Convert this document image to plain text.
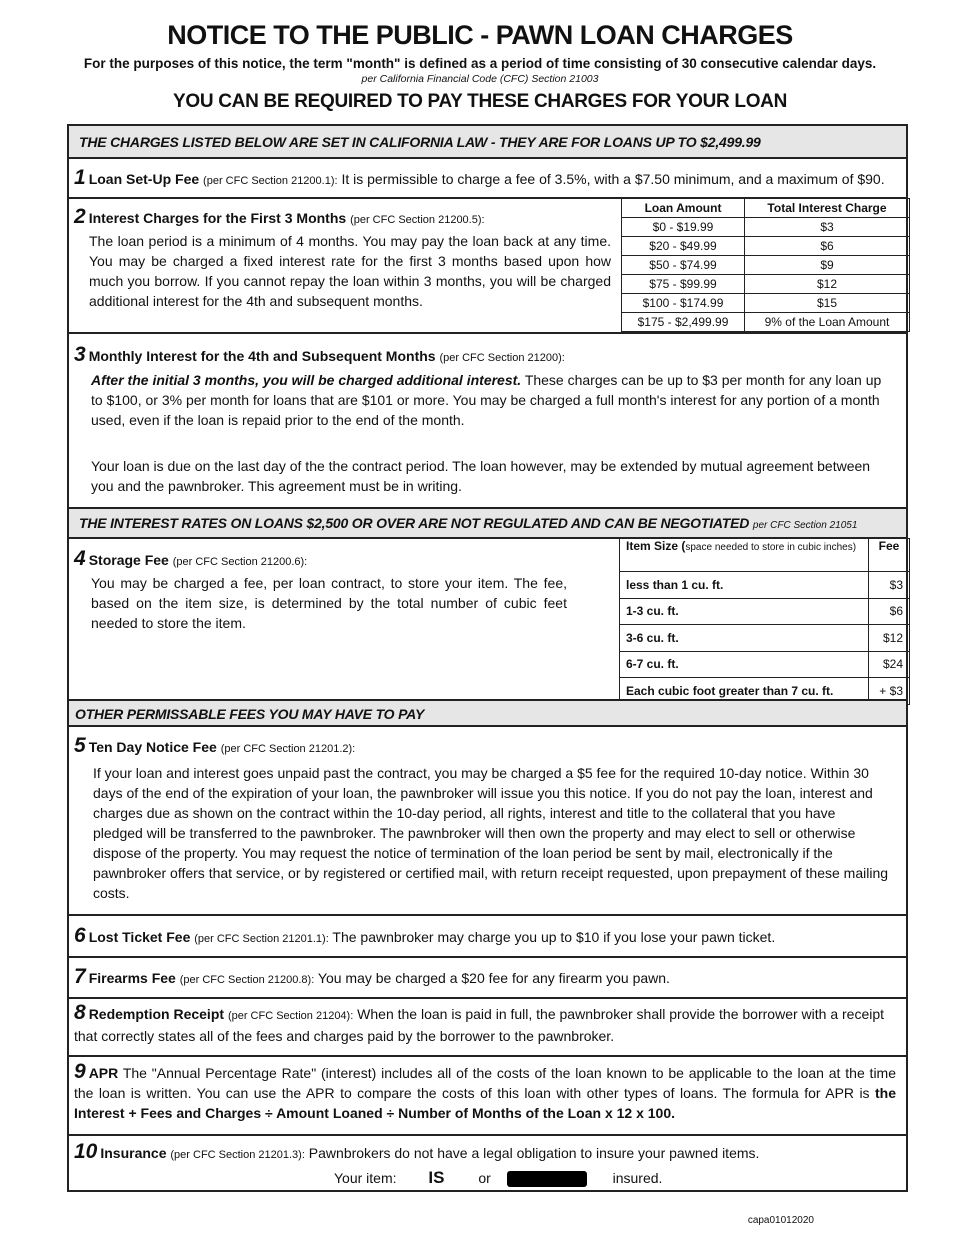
NOTICE TO THE PUBLIC - PAWN LOAN CHARGES
For the purposes of this notice, the term "month" is defined as a period of time consisting of 30 consecutive calendar days.
per California Financial Code (CFC) Section 21003
YOU CAN BE REQUIRED TO PAY THESE CHARGES FOR YOUR LOAN
THE CHARGES LISTED BELOW ARE SET IN CALIFORNIA LAW - THEY ARE FOR LOANS UP TO $2,499.99
1 Loan Set-Up Fee (per CFC Section 21200.1): It is permissible to charge a fee of 3.5%, with a $7.50 minimum, and a maximum of $90.
2 Interest Charges for the First 3 Months (per CFC Section 21200.5):
The loan period is a minimum of 4 months. You may pay the loan back at any time. You may be charged a fixed interest rate for the first 3 months based upon how much you borrow. If you cannot repay the loan within 3 months, you will be charged additional interest for the 4th and subsequent months.
Loan Amount	Total Interest Charge
$0 - $19.99	$3
$20 - $49.99	$6
$50 - $74.99	$9
$75 - $99.99	$12
$100 - $174.99	$15
$175 - $2,499.99	9% of the Loan Amount
3 Monthly Interest for the 4th and Subsequent Months (per CFC Section 21200):
After the initial 3 months, you will be charged additional interest. These charges can be up to $3 per month for any loan up to $100, or 3% per month for loans that are $101 or more. You may be charged a full month's interest for any portion of a month used, even if the loan is repaid prior to the end of the month.
Your loan is due on the last day of the the contract period. The loan however, may be extended by mutual agreement between you and the pawnbroker. This agreement must be in writing.
THE INTEREST RATES ON LOANS $2,500 OR OVER ARE NOT REGULATED AND CAN BE NEGOTIATED per CFC Section 21051
4 Storage Fee (per CFC Section 21200.6):
You may be charged a fee, per loan contract, to store your item. The fee, based on the item size, is determined by the total number of cubic feet needed to store the item.
Item Size (space needed to store in cubic inches)	Fee
less than 1 cu. ft.	$3
1-3 cu. ft.	$6
3-6 cu. ft.	$12
6-7 cu. ft.	$24
Each cubic foot greater than 7 cu. ft.	+ $3
OTHER PERMISSABLE FEES YOU MAY HAVE TO PAY
5 Ten Day Notice Fee (per CFC Section 21201.2):
If your loan and interest goes unpaid past the contract, you may be charged a $5 fee for the required 10-day notice. Within 30 days of the end of the expiration of your loan, the pawnbroker will issue you this notice. If you do not pay the loan, interest and charges due as shown on the contract within the 10-day period, all rights, interest and title to the collateral that you have pledged will be transferred to the pawnbroker. The pawnbroker will then own the property and may elect to sell or otherwise dispose of the property. You may request the notice of termination of the loan period be sent by mail, electronically if the pawnbroker offers that service, or by registered or certified mail, with return receipt requested, upon prepayment of these mailing costs.
6 Lost Ticket Fee (per CFC Section 21201.1): The pawnbroker may charge you up to $10 if you lose your pawn ticket.
7 Firearms Fee (per CFC Section 21200.8): You may be charged a $20 fee for any firearm you pawn.
8 Redemption Receipt (per CFC Section 21204): When the loan is paid in full, the pawnbroker shall provide the borrower with a receipt that correctly states all of the fees and charges paid by the borrower to the pawnbroker.
9 APR The "Annual Percentage Rate" (interest) includes all of the costs of the loan known to be applicable to the loan at the time the loan is written. You can use the APR to compare the costs of this loan with other types of loans. The formula for APR is the Interest + Fees and Charges ÷ Amount Loaned ÷ Number of Months of the Loan x 12 x 100.
10 Insurance (per CFC Section 21201.3): Pawnbrokers do not have a legal obligation to insure your pawned items.
Your item: IS or	insured.
capa01012020
